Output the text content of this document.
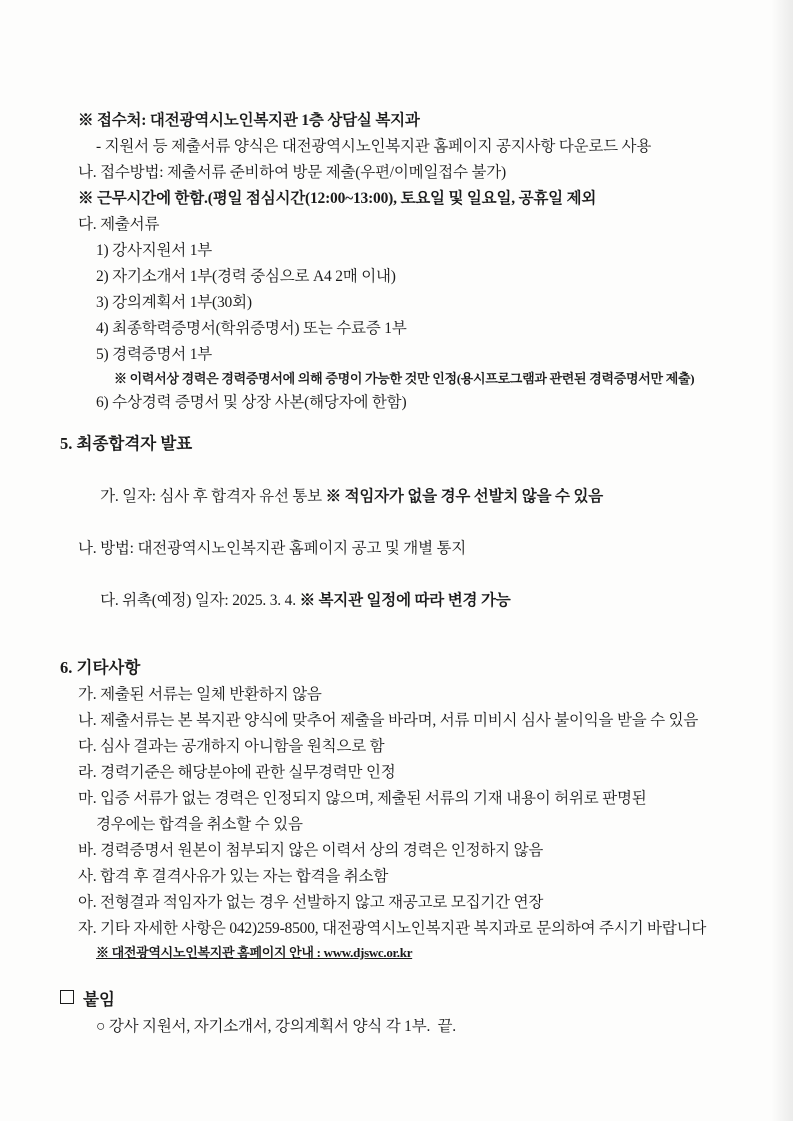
※ 접수처: 대전광역시노인복지관 1층 상담실 복지과
- 지원서 등 제출서류 양식은 대전광역시노인복지관 홈페이지 공지사항 다운로드 사용
나. 접수방법: 제출서류 준비하여 방문 제출(우편/이메일접수 불가)
※ 근무시간에 한함.(평일 점심시간(12:00~13:00), 토요일 및 일요일, 공휴일 제외
다. 제출서류
1) 강사지원서 1부
2) 자기소개서 1부(경력 중심으로 A4 2매 이내)
3) 강의계획서 1부(30회)
4) 최종학력증명서(학위증명서) 또는 수료증 1부
5) 경력증명서 1부
※ 이력서상 경력은 경력증명서에 의해 증명이 가능한 것만 인정(용시프로그램과 관련된 경력증명서만 제출)
6) 수상경력 증명서 및 상장 사본(해당자에 한함)
5. 최종합격자 발표

가. 일자: 심사 후 합격자 유선 통보 ※ 적임자가 없을 경우 선발치 않을 수 있음

나. 방법: 대전광역시노인복지관 홈페이지 공고 및 개별 통지

다. 위촉(예정) 일자: 2025. 3. 4. ※ 복지관 일정에 따라 변경 가능

6. 기타사항
가. 제출된 서류는 일체 반환하지 않음
나. 제출서류는 본 복지관 양식에 맞추어 제출을 바라며, 서류 미비시 심사 불이익을 받을 수 있음
다. 심사 결과는 공개하지 아니함을 원칙으로 함
라. 경력기준은 해당분야에 관한 실무경력만 인정
마. 입증 서류가 없는 경력은 인정되지 않으며, 제출된 서류의 기재 내용이 허위로 판명된
경우에는 합격을 취소할 수 있음
바. 경력증명서 원본이 첨부되지 않은 이력서 상의 경력은 인정하지 않음
사. 합격 후 결격사유가 있는 자는 합격을 취소함
아. 전형결과 적임자가 없는 경우 선발하지 않고 재공고로 모집기간 연장
자. 기타 자세한 사항은 042)259-8500, 대전광역시노인복지관 복지과로 문의하여 주시기 바랍니다
※ 대전광역시노인복지관 홈페이지 안내 : www.djswc.or.kr
붙임
○ 강사 지원서, 자기소개서, 강의계획서 양식 각 1부.  끝.
